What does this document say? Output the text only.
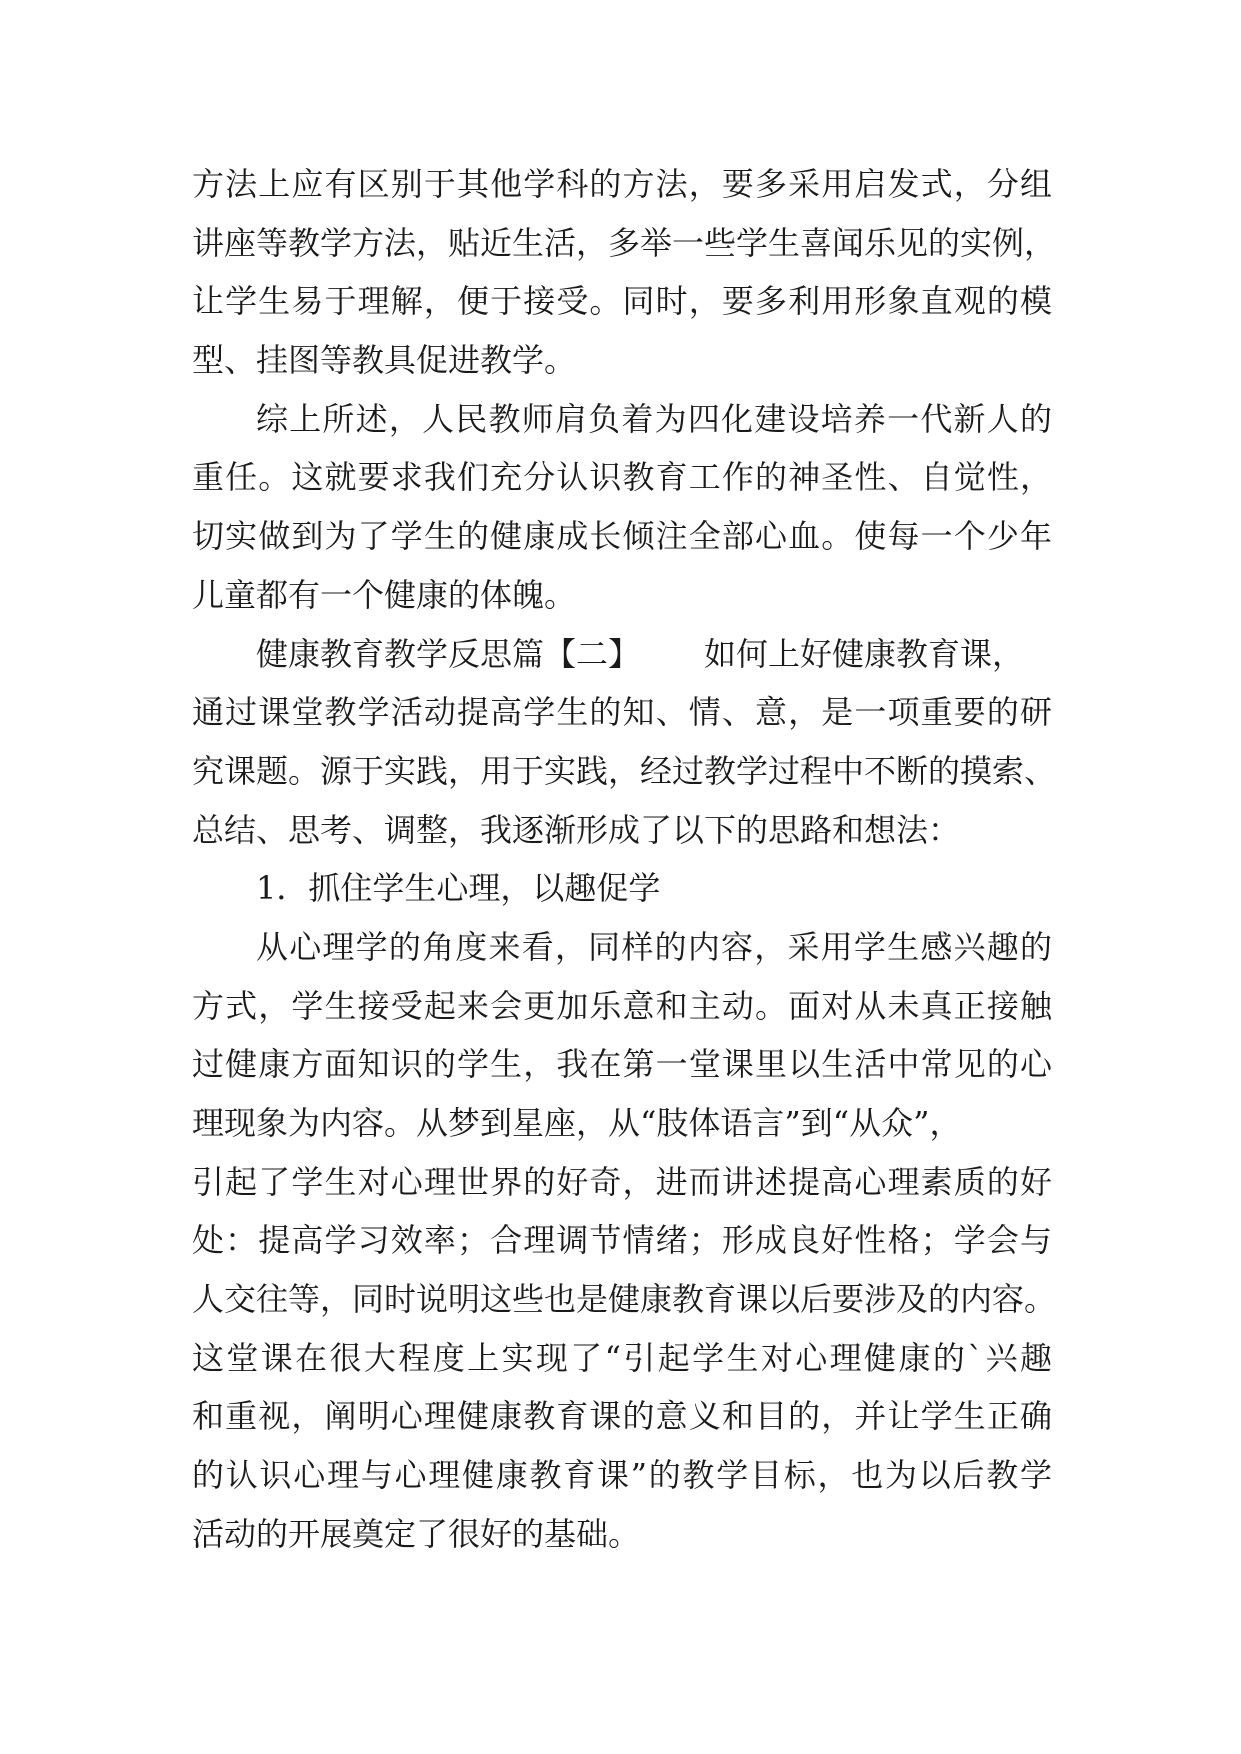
方法上应有区别于其他学科的方法，要多采用启发式，分组
讲座等教学方法，贴近生活，多举一些学生喜闻乐见的实例，
让学生易于理解，便于接受。同时，要多利用形象直观的模
型、挂图等教具促进教学。
综上所述，人民教师肩负着为四化建设培养一代新人的
重任。这就要求我们充分认识教育工作的神圣性、自觉性，
切实做到为了学生的健康成长倾注全部心血。使每一个少年
儿童都有一个健康的体魄。
健康教育教学反思篇【二】 如何上好健康教育课，
通过课堂教学活动提高学生的知、情、意，是一项重要的研
究课题。源于实践，用于实践，经过教学过程中不断的摸索、
总结、思考、调整，我逐渐形成了以下的思路和想法：
1．抓住学生心理，以趣促学
从心理学的角度来看，同样的内容，采用学生感兴趣的
方式，学生接受起来会更加乐意和主动。面对从未真正接触
过健康方面知识的学生，我在第一堂课里以生活中常见的心
理现象为内容。从梦到星座，从“肢体语言”到“从众”，
引起了学生对心理世界的好奇，进而讲述提高心理素质的好
处：提高学习效率；合理调节情绪；形成良好性格；学会与
人交往等，同时说明这些也是健康教育课以后要涉及的内容。
这堂课在很大程度上实现了“引起学生对心理健康的`兴趣
和重视，阐明心理健康教育课的意义和目的，并让学生正确
的认识心理与心理健康教育课”的教学目标，也为以后教学
活动的开展奠定了很好的基础。
